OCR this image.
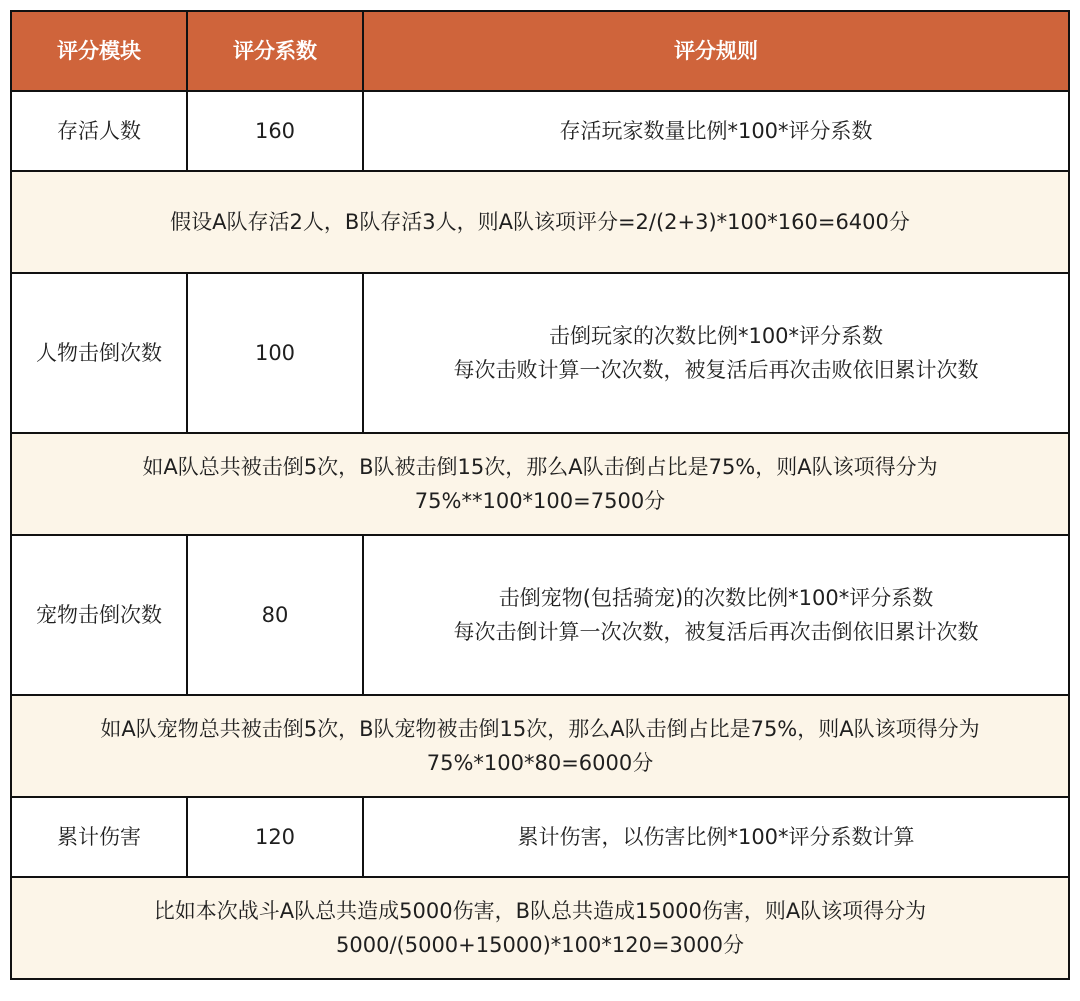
评分模块	评分系数	评分规则
存活人数	160	存活玩家数量比例*100*评分系数

假设A队存活2人，B队存活3人，则A队该项评分=2/(2+3)*100*160=6400分		

人物击倒次数	100	击倒玩家的次数比例*100*评分系数
每次击败计算一次次数，被复活后再次击败依旧累计次数

如A队总共被击倒5次，B队被击倒15次，那么A队击倒占比是75%，则A队该项得分为
75%**100*100=7500分		

宠物击倒次数	80	击倒宠物(包括骑宠)的次数比例*100*评分系数
每次击倒计算一次次数，被复活后再次击倒依旧累计次数

如A队宠物总共被击倒5次，B队宠物被击倒15次，那么A队击倒占比是75%，则A队该项得分为
75%*100*80=6000分		

累计伤害	120	累计伤害，以伤害比例*100*评分系数计算

比如本次战斗A队总共造成5000伤害，B队总共造成15000伤害，则A队该项得分为
5000/(5000+15000)*100*120=3000分		
